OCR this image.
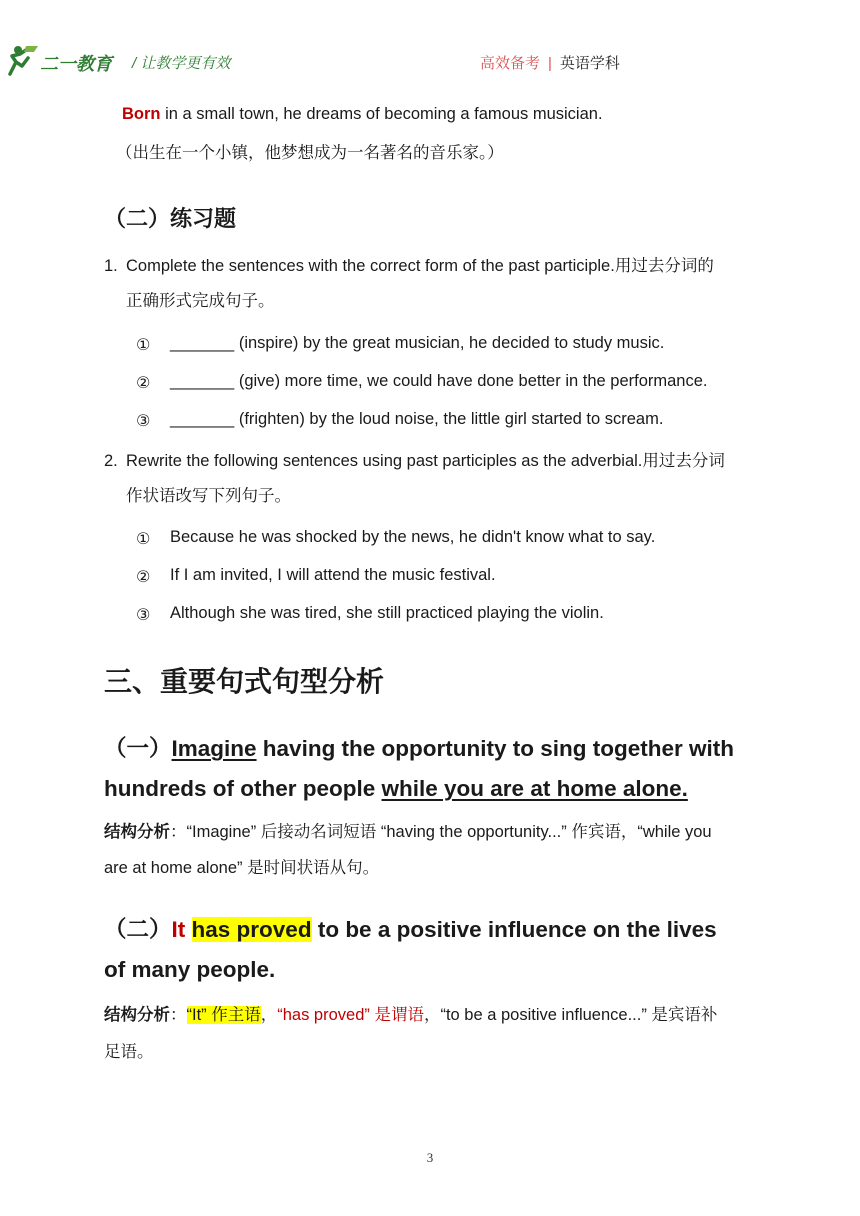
二一教育 / 让教学更有效	高效备考 | 英语学科
Born in a small town, he dreams of becoming a famous musician.
（出生在一个小镇，他梦想成为一名著名的音乐家。）
（二）练习题
1. Complete the sentences with the correct form of the past participle.用过去分词的
正确形式完成句子。
① _______ (inspire) by the great musician, he decided to study music.
② _______ (give) more time, we could have done better in the performance.
③ _______ (frighten) by the loud noise, the little girl started to scream.
2. Rewrite the following sentences using past participles as the adverbial.用过去分词
作状语改写下列句子。
① Because he was shocked by the news, he didn't know what to say.
② If I am invited, I will attend the music festival.
③ Although she was tired, she still practiced playing the violin.
三、重要句式句型分析
（一）Imagine having the opportunity to sing together with
hundreds of other people while you are at home alone.
结构分析：“Imagine” 后接动名词短语 “having the opportunity...” 作宾语，“while you
are at home alone” 是时间状语从句。
（二）It has proved to be a positive influence on the lives
of many people.
结构分析：“It” 作主语，“has proved” 是谓语，“to be a positive influence...” 是宾语补
足语。
3
